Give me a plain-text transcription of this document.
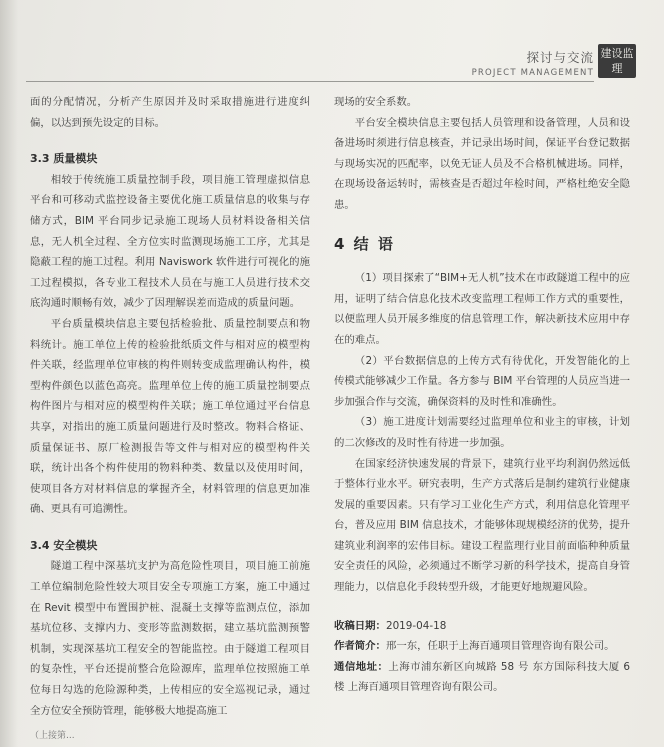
探讨与交流
PROJECT MANAGEMENT
建设监理

面的分配情况，分析产生原因并及时采取措施进行进度纠偏，以达到预先设定的目标。

3.3 质量模块

相较于传统施工质量控制手段，项目施工管理虚拟信息平台和可移动式监控设备主要优化施工质量信息的收集与存储方式，BIM 平台同步记录施工现场人员材料设备相关信息，无人机全过程、全方位实时监测现场施工工序，尤其是隐蔽工程的施工过程。利用 Naviswork 软件进行可视化的施工过程模拟，各专业工程技术人员在与施工人员进行技术交底沟通时顺畅有效，减少了因理解误差而造成的质量问题。

平台质量模块信息主要包括检验批、质量控制要点和物料统计。施工单位上传的检验批纸质文件与相对应的模型构件关联，经监理单位审核的构件则转变成监理确认构件，模型构件颜色以蓝色高亮。监理单位上传的施工质量控制要点构件图片与相对应的模型构件关联；施工单位通过平台信息共享，对指出的施工质量问题进行及时整改。物料合格证、质量保证书、原厂检测报告等文件与相对应的模型构件关联，统计出各个构件使用的物料种类、数量以及使用时间，使项目各方对材料信息的掌握齐全，材料管理的信息更加准确、更具有可追溯性。

3.4 安全模块

隧道工程中深基坑支护为高危险性项目，项目施工前施工单位编制危险性较大项目安全专项施工方案，施工中通过在 Revit 模型中布置围护桩、混凝土支撑等监测点位，添加基坑位移、支撑内力、变形等监测数据，建立基坑监测预警机制，实现深基坑工程安全的智能监控。由于隧道工程项目的复杂性，平台还提前整合危险源库，监理单位按照施工单位每日勾选的危险源种类，上传相应的安全巡视记录，通过全方位安全预防管理，能够极大地提高施工

现场的安全系数。

平台安全模块信息主要包括人员管理和设备管理，人员和设备进场时须进行信息核查，并记录出场时间，保证平台登记数据与现场实况的匹配率，以免无证人员及不合格机械进场。同样，在现场设备运转时，需核查是否超过年检时间，严格杜绝安全隐患。

4 结 语

（1）项目探索了“BIM+无人机”技术在市政隧道工程中的应用，证明了结合信息化技术改变监理工程师工作方式的重要性，以便监理人员开展多维度的信息管理工作，解决新技术应用中存在的难点。

（2）平台数据信息的上传方式有待优化，开发智能化的上传模式能够减少工作量。各方参与 BIM 平台管理的人员应当进一步加强合作与交流，确保资料的及时性和准确性。

（3）施工进度计划需要经过监理单位和业主的审核，计划的二次修改的及时性有待进一步加强。

在国家经济快速发展的背景下，建筑行业平均利润仍然远低于整体行业水平。研究表明，生产方式落后是制约建筑行业健康发展的重要因素。只有学习工业化生产方式，利用信息化管理平台，普及应用 BIM 信息技术，才能够体现规模经济的优势，提升建筑业利润率的宏伟目标。建设工程监理行业目前面临种种质量安全责任的风险，必须通过不断学习新的科学技术，提高自身管理能力，以信息化手段转型升级，才能更好地规避风险。

收稿日期：2019-04-18

作者简介：邢一东，任职于上海百通项目管理咨询有限公司。

通信地址：上海市浦东新区向城路 58 号 东方国际科技大厦 6 楼 上海百通项目管理咨询有限公司。

（上接第...
